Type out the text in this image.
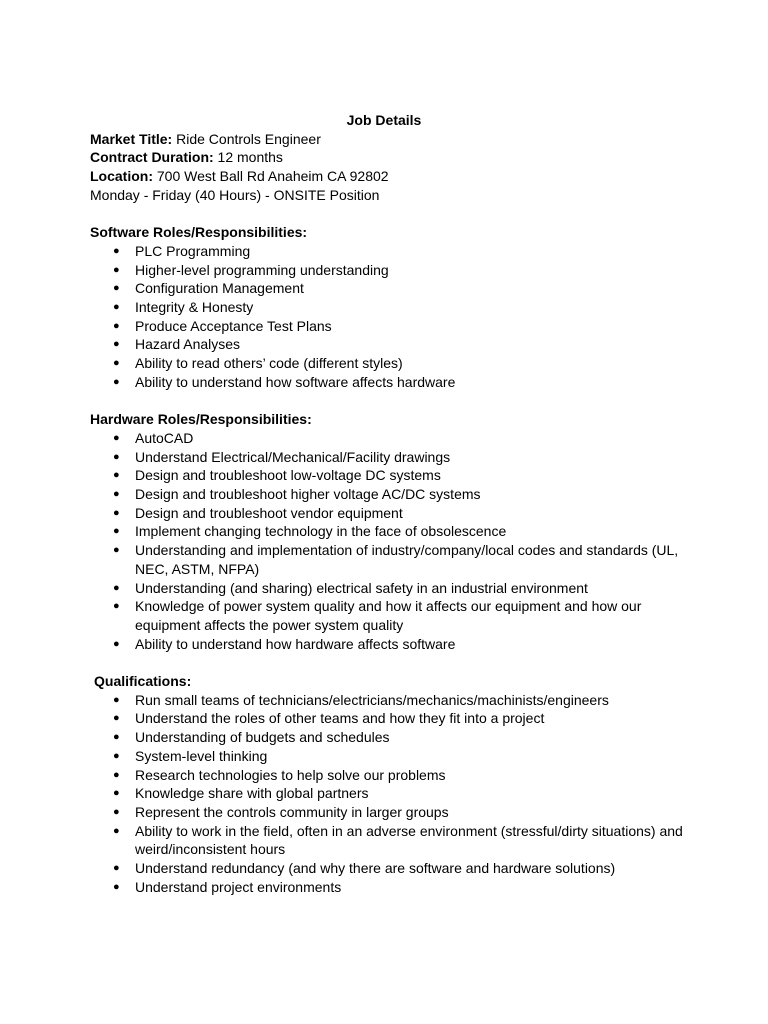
Job Details

Market Title: Ride Controls Engineer

Contract Duration: 12 months

Location: 700 West Ball Rd Anaheim CA 92802

Monday - Friday (40 Hours) - ONSITE Position

Software Roles/Responsibilities:

● PLC Programming
● Higher-level programming understanding
● Configuration Management
● Integrity & Honesty
● Produce Acceptance Test Plans
● Hazard Analyses
● Ability to read others’ code (different styles)
● Ability to understand how software affects hardware

Hardware Roles/Responsibilities:

● AutoCAD
● Understand Electrical/Mechanical/Facility drawings
● Design and troubleshoot low-voltage DC systems
● Design and troubleshoot higher voltage AC/DC systems
● Design and troubleshoot vendor equipment
● Implement changing technology in the face of obsolescence
● Understanding and implementation of industry/company/local codes and standards (UL, NEC, ASTM, NFPA)
● Understanding (and sharing) electrical safety in an industrial environment
● Knowledge of power system quality and how it affects our equipment and how our equipment affects the power system quality
● Ability to understand how hardware affects software

Qualifications:

● Run small teams of technicians/electricians/mechanics/machinists/engineers
● Understand the roles of other teams and how they fit into a project
● Understanding of budgets and schedules
● System-level thinking
● Research technologies to help solve our problems
● Knowledge share with global partners
● Represent the controls community in larger groups
● Ability to work in the field, often in an adverse environment (stressful/dirty situations) and weird/inconsistent hours
● Understand redundancy (and why there are software and hardware solutions)
● Understand project environments
